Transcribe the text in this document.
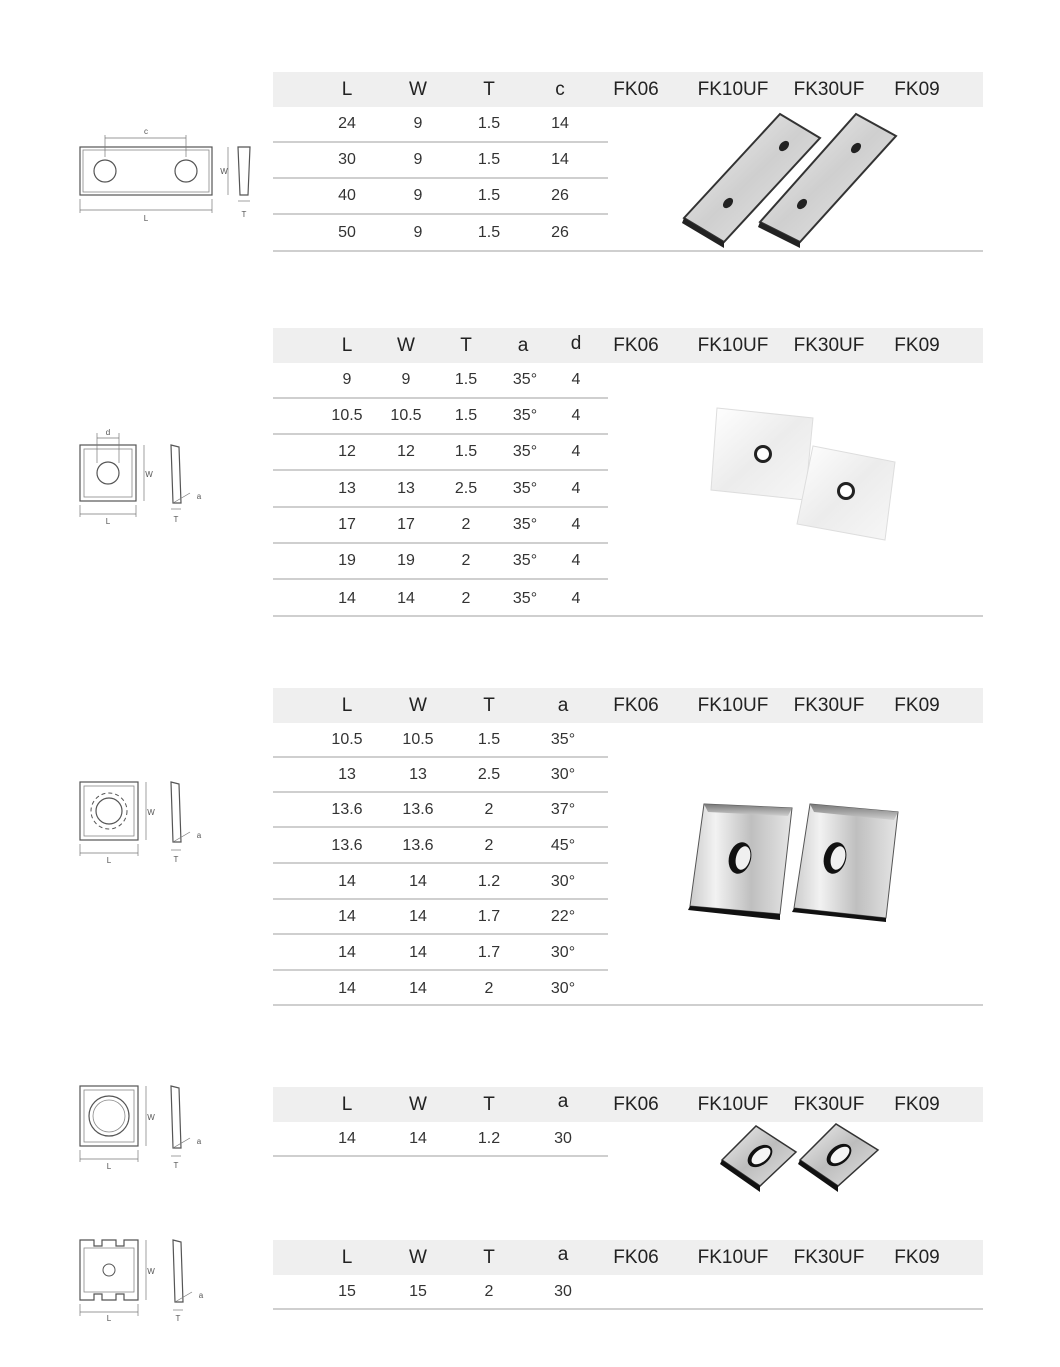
c
W
L	T
L	W	T	c	FK06 FK10UF FK30UF FK09
24	9	1.5	14
30	9	1.5	14
40	9	1.5	26
50	9	1.5	26
d
W
L	T
a
L W T a d FK06 FK10UF FK30UF FK09
9	9	1.5 35° 4
10.5 10.5 1.5 35° 4
12	12 1.5 35° 4
13	13 2.5 35° 4
17	17	2	35° 4
19	19	2	35° 4
14	14	2	35° 4
W
L	T
a
L	W	T	a FK06 FK10UF FK30UF FK09
10.5 10.5	1.5	35°
13	13	2.5	30°
13.6 13.6	2	37°
13.6 13.6	2	45°
14	14	1.2	30°
14	14	1.7	22°
14	14	1.7	30°
14	14	2	30°
W
L	T
a
L	W	T	a FK06 FK10UF FK30UF FK09
14	14	1.2	30
W
L	T
a
L	W	T	a FK06 FK10UF FK30UF FK09
15	15	2	30
